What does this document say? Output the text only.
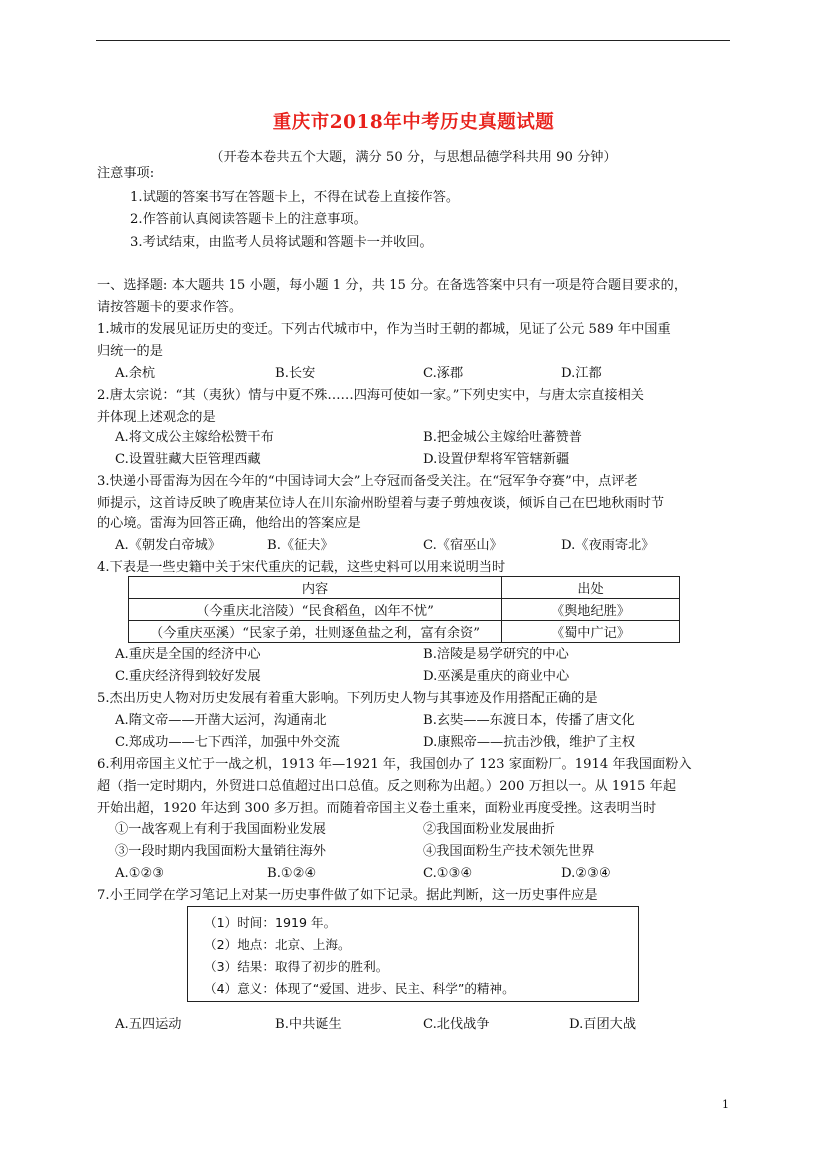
重庆市2018年中考历史真题试题
（开卷本卷共五个大题，满分 50 分，与思想品德学科共用 90 分钟）
注意事项:
1.试题的答案书写在答题卡上，不得在试卷上直接作答。
2.作答前认真阅读答题卡上的注意事项。
3.考试结束，由监考人员将试题和答题卡一并收回。
一、选择题: 本大题共 15 小题，每小题 1 分，共 15 分。在备选答案中只有一项是符合题目要求的，
请按答题卡的要求作答。
1.城市的发展见证历史的变迁。下列古代城市中，作为当时王朝的都城，见证了公元 589 年中国重
归统一的是
A.余杭	B.长安	C.涿郡	D.江都
2.唐太宗说：“其（夷狄）情与中夏不殊……四海可使如一家。”下列史实中，与唐太宗直接相关
并体现上述观念的是
A.将文成公主嫁给松赞干布	B.把金城公主嫁给吐蕃赞普
C.设置驻藏大臣管理西藏	D.设置伊犁将军管辖新疆
3.快递小哥雷海为因在今年的“中国诗词大会”上夺冠而备受关注。在“冠军争夺赛”中，点评老
师提示，这首诗反映了晚唐某位诗人在川东渝州盼望着与妻子剪烛夜谈，倾诉自己在巴地秋雨时节
的心境。雷海为回答正确，他给出的答案应是
A.《朝发白帝城》	B.《征夫》	C.《宿巫山》	D.《夜雨寄北》
4.下表是一些史籍中关于宋代重庆的记载，这些史料可以用来说明当时
内容	出处
（今重庆北涪陵）“民食稻鱼，凶年不忧”	《舆地纪胜》
（今重庆巫溪）“民家子弟，壮则逐鱼盐之利，富有余资”	《蜀中广记》
A.重庆是全国的经济中心	B.涪陵是易学研究的中心
C.重庆经济得到较好发展	D.巫溪是重庆的商业中心
5.杰出历史人物对历史发展有着重大影响。下列历史人物与其事迹及作用搭配正确的是
A.隋文帝——开凿大运河，沟通南北	B.玄奘——东渡日本，传播了唐文化
C.郑成功——七下西洋，加强中外交流	D.康熙帝——抗击沙俄，维护了主权
6.利用帝国主义忙于一战之机，1913 年—1921 年，我国创办了 123 家面粉厂。1914 年我国面粉入
超（指一定时期内，外贸进口总值超过出口总值。反之则称为出超。）200 万担以一。从 1915 年起
开始出超，1920 年达到 300 多万担。而随着帝国主义卷土重来，面粉业再度受挫。这表明当时
①一战客观上有利于我国面粉业发展	②我国面粉业发展曲折
③一段时期内我国面粉大量销往海外	④我国面粉生产技术领先世界
A.①②③	B.①②④	C.①③④	D.②③④
7.小王同学在学习笔记上对某一历史事件做了如下记录。据此判断，这一历史事件应是
（1）时间：1919 年。
（2）地点：北京、上海。
（3）结果：取得了初步的胜利。
（4）意义：体现了“爱国、进步、民主、科学”的精神。
A.五四运动	B.中共诞生	C.北伐战争	D.百团大战
1
